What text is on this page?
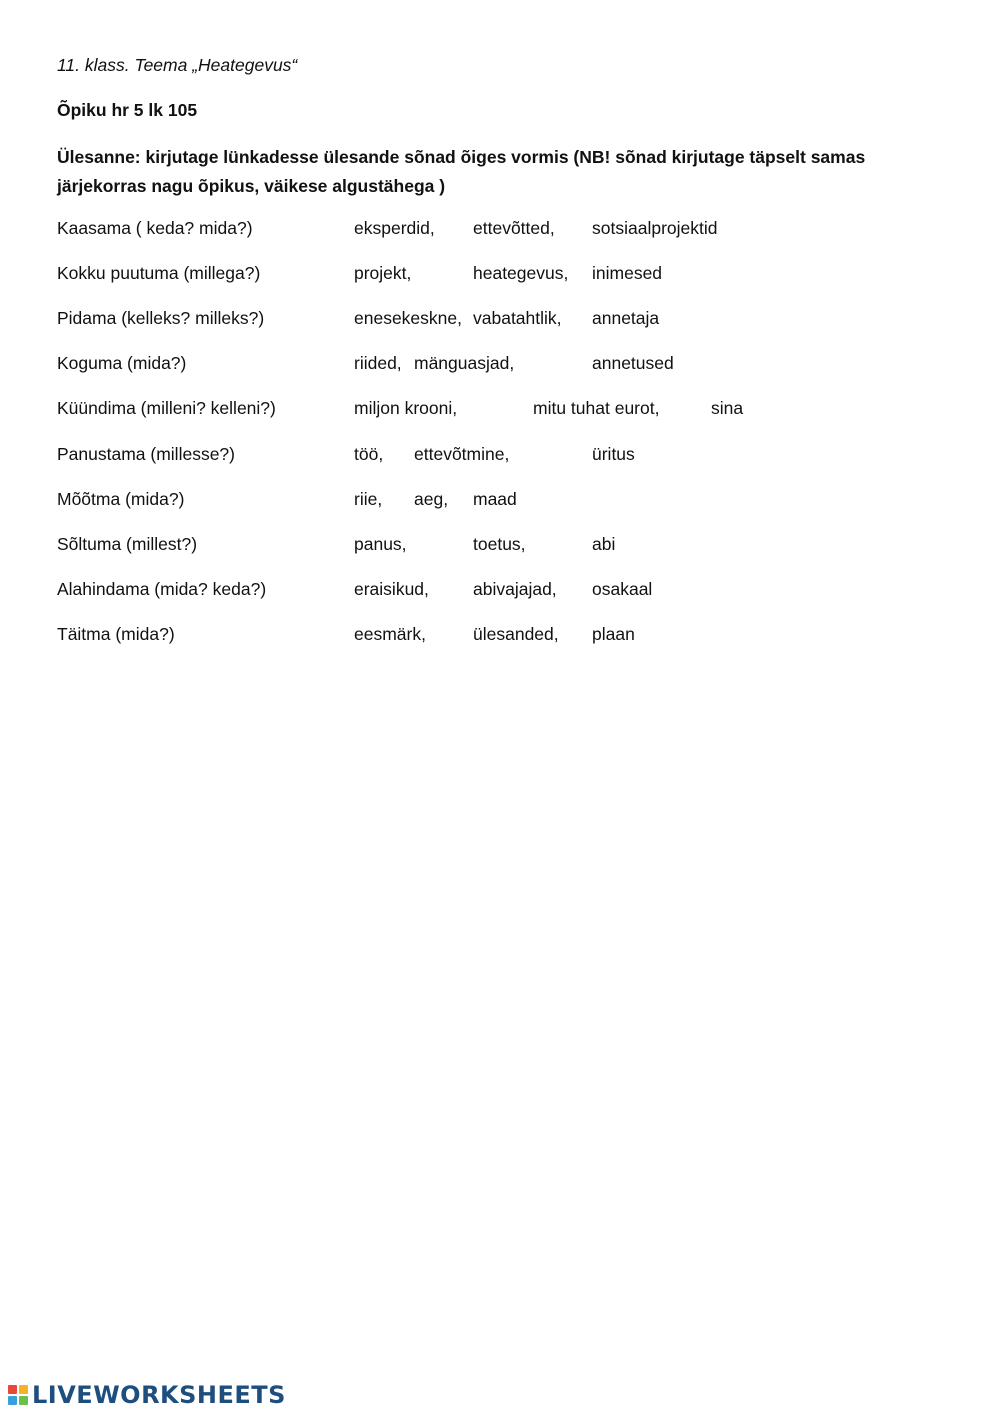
11. klass. Teema „Heategevus“
Õpiku hr 5 lk 105
Ülesanne: kirjutage lünkadesse ülesande sõnad õiges vormis (NB! sõnad kirjutage täpselt samas
järjekorras nagu õpikus, väikese algustähega )
Kaasama ( keda? mida?)	eksperdid, ettevõtted, sotsiaalprojektid
Kokku puutuma (millega?)	projekt,	heategevus, inimesed
Pidama (kelleks? milleks?)	enesekeskne, vabatahtlik, annetaja
Koguma (mida?)	riided, mänguasjad,	annetused
Küündima (milleni? kelleni?)	miljon krooni,	mitu tuhat eurot,	sina
Panustama (millesse?)	töö, ettevõtmine,	üritus
Mõõtma (mida?)	riie, aeg, maad
Sõltuma (millest?)	panus,	toetus,	abi
Alahindama (mida? keda?)	eraisikud,	abivajajad, osakaal
Täitma (mida?)	eesmärk,	ülesanded, plaan
LIVEWORKSHEETS
